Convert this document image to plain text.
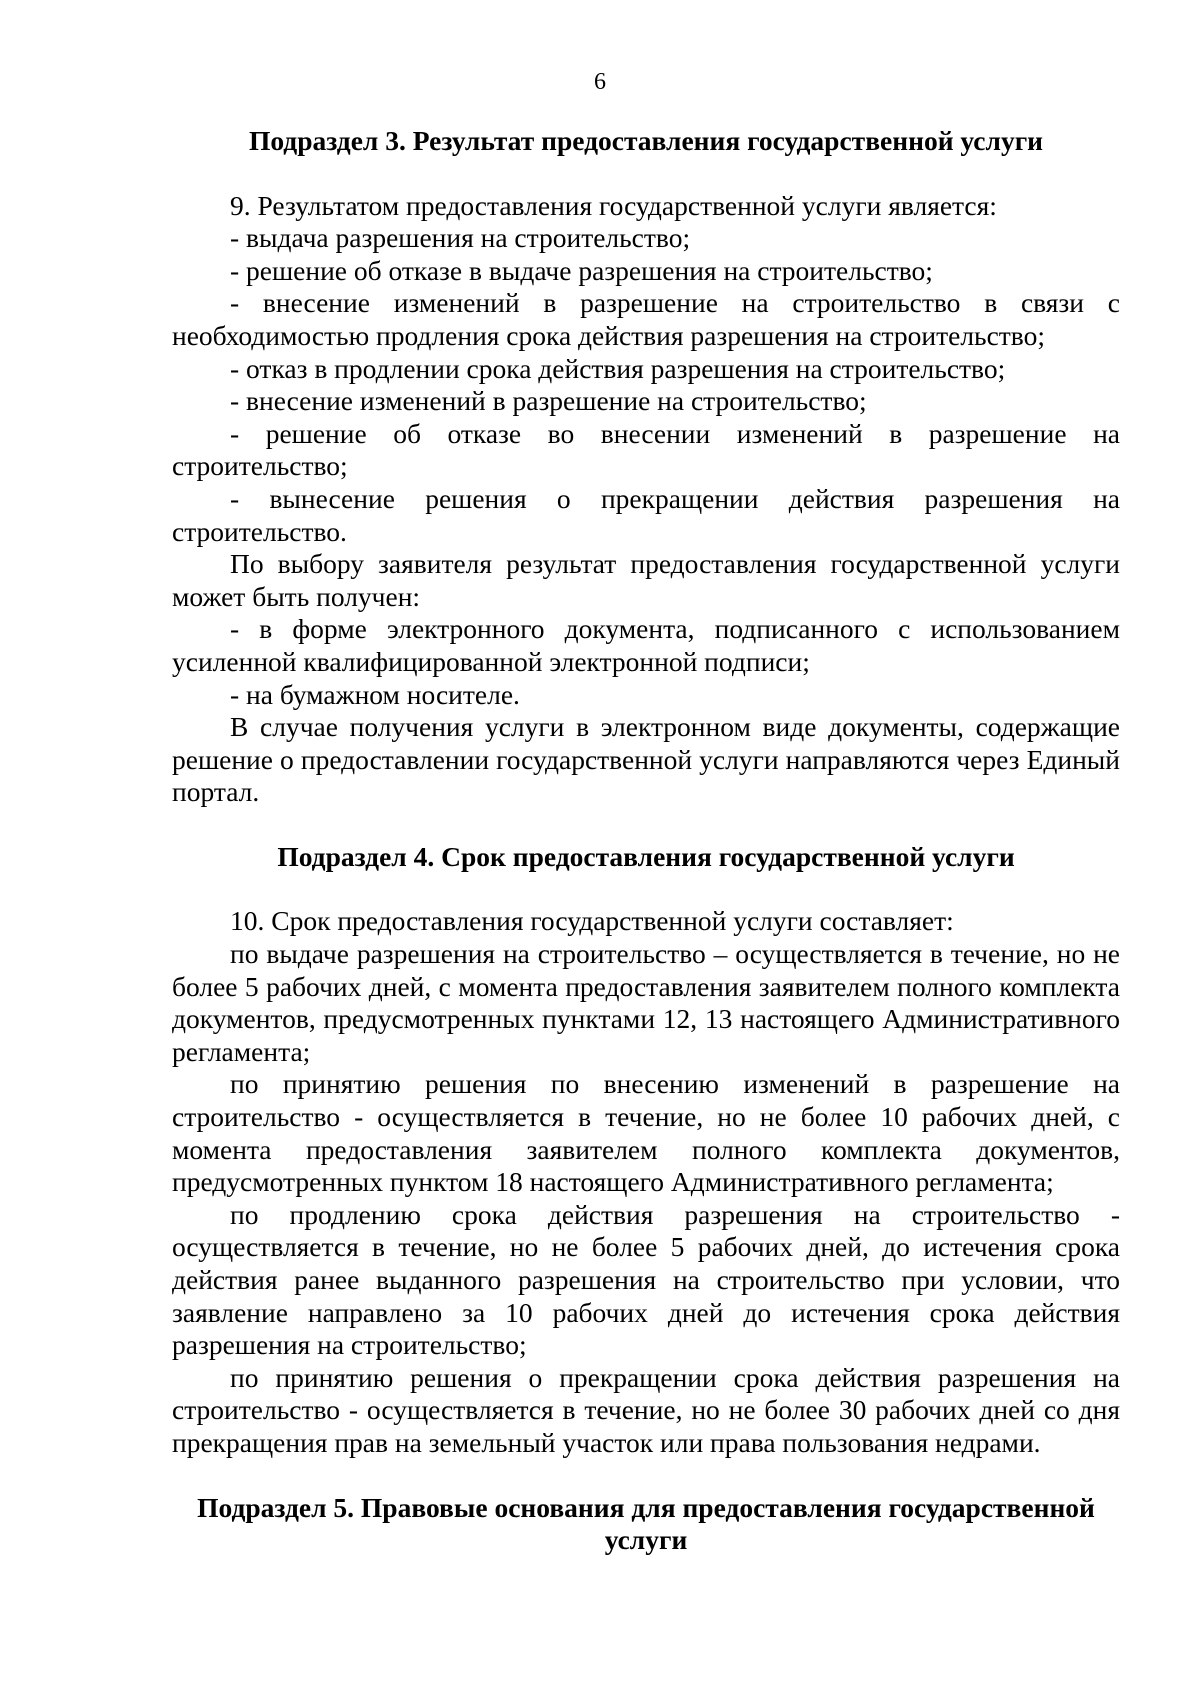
6

Подраздел 3. Результат предоставления государственной услуги

9. Результатом предоставления государственной услуги является:

- выдача разрешения на строительство;

- решение об отказе в выдаче разрешения на строительство;

- внесение изменений в разрешение на строительство в связи с необходимостью продления срока действия разрешения на строительство;

- отказ в продлении срока действия разрешения на строительство;

- внесение изменений в разрешение на строительство;

- решение об отказе во внесении изменений в разрешение на строительство;

- вынесение решения о прекращении действия разрешения на строительство.

По выбору заявителя результат предоставления государственной услуги может быть получен:

- в форме электронного документа, подписанного с использованием усиленной квалифицированной электронной подписи;

- на бумажном носителе.

В случае получения услуги в электронном виде документы, содержащие решение о предоставлении государственной услуги направляются через Единый портал.

Подраздел 4. Срок предоставления государственной услуги

10. Срок предоставления государственной услуги составляет:

по выдаче разрешения на строительство – осуществляется в течение, но не более 5 рабочих дней, с момента предоставления заявителем полного комплекта документов, предусмотренных пунктами 12, 13 настоящего Административного регламента;

по принятию решения по внесению изменений в разрешение на строительство - осуществляется в течение, но не более 10 рабочих дней, с момента предоставления заявителем полного комплекта документов, предусмотренных пунктом 18 настоящего Административного регламента;

по продлению срока действия разрешения на строительство - осуществляется в течение, но не более 5 рабочих дней, до истечения срока действия ранее выданного разрешения на строительство при условии, что заявление направлено за 10 рабочих дней до истечения срока действия разрешения на строительство;

по принятию решения о прекращении срока действия разрешения на строительство - осуществляется в течение, но не более 30 рабочих дней со дня прекращения прав на земельный участок или права пользования недрами.

Подраздел 5. Правовые основания для предоставления государственной услуги
